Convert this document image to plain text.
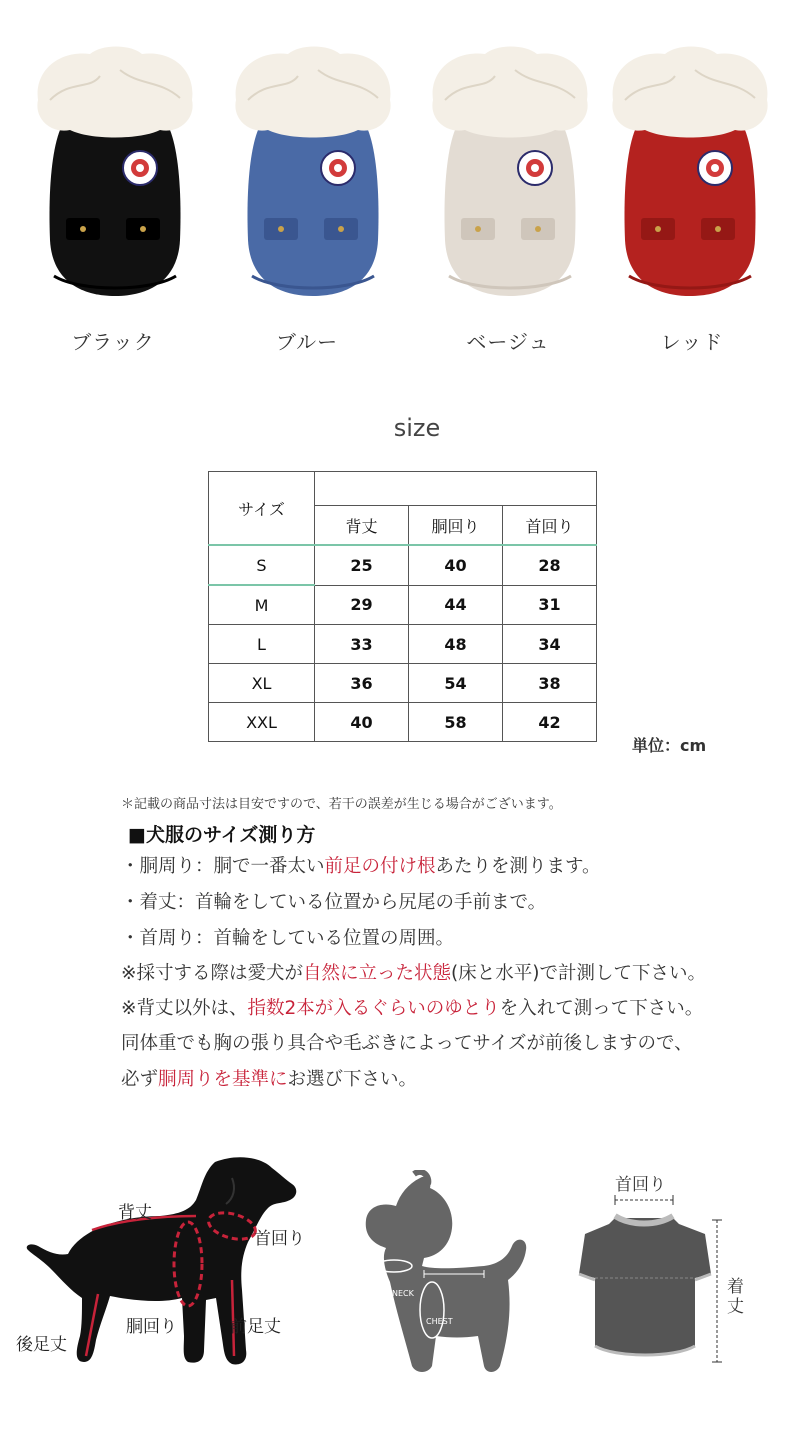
ブラック	ブルー	ベージュ	レッド
size
サイズ			
	背丈	胴回り	首回り
S	25	40	28
M	29	44	31
L	33	48	34
XL	36	54	38
XXL	40	58	42
単位：cm
＊記載の商品寸法は目安ですので、若干の誤差が生じる場合がございます。
■犬服のサイズ測り方
・胴周り：胴で一番太い前足の付け根あたりを測ります。
・着丈：首輪をしている位置から尻尾の手前まで。
・首周り：首輪をしている位置の周囲。
※採寸する際は愛犬が自然に立った状態(床と水平)で計測して下さい。
※背丈以外は、指数2本が入るぐらいのゆとりを入れて測って下さい。
同体重でも胸の張り具合や毛ぶきによってサイズが前後しますので、
必ず胴周りを基準にお選び下さい。
背丈
首回り
後足丈
胴回り	前足丈
LENGTH
NECK
CHEST
首回り
着
丈
